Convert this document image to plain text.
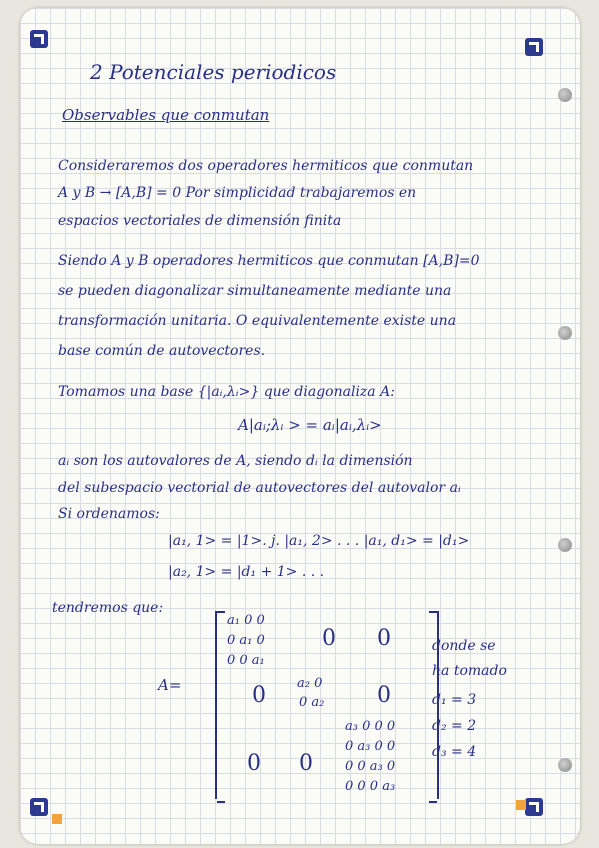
2 Potenciales periodicos
Observables que conmutan
Consideraremos dos operadores hermiticos que conmutan
A y B → [A,B] = 0 Por simplicidad trabajaremos en
espacios vectoriales de dimensión finita
Siendo A y B operadores hermiticos que conmutan [A,B]=0
se pueden diagonalizar simultaneamente mediante una
transformación unitaria. O equivalentemente existe una
base común de autovectores.
Tomamos una base {|aᵢ,λᵢ>} que diagonaliza A:
A|aᵢ;λᵢ > = aᵢ|aᵢ,λᵢ>
aᵢ son los autovalores de A, siendo dᵢ la dimensión
del subespacio vectorial de autovectores del autovalor aᵢ
Si ordenamos:
|a₁, 1> = |1>. j. |a₁, 2> . . . |a₁, d₁> = |d₁>
|a₂, 1> = |d₁ + 1> . . .
tendremos que:
A=
a₁ 0 0
0 a₁ 0
0 0 a₁
0 0
a₂ 0
0 a₂
0	0
a₃ 0 0 0
0 a₃ 0 0
0 0 a₃ 0
0 0 0 a₃
0 0
donde se
ha tomado
d₁ = 3
d₂ = 2
d₃ = 4
